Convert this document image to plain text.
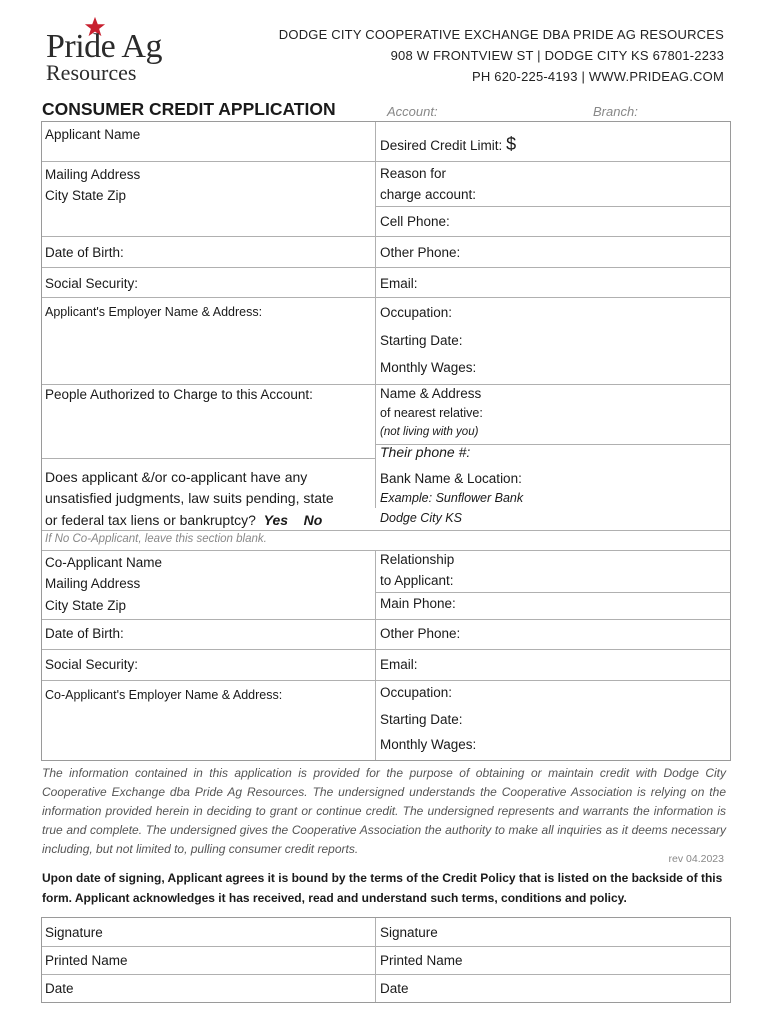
Pride Ag
Resources
DODGE CITY COOPERATIVE EXCHANGE DBA PRIDE AG RESOURCES
908 W FRONTVIEW ST | DODGE CITY KS 67801-2233
PH 620-225-4193 | WWW.PRIDEAG.COM
CONSUMER CREDIT APPLICATION	Account:	Branch:
Applicant Name
Mailing Address
City State Zip
Date of Birth:
Social Security:
Applicant's Employer Name & Address:
People Authorized to Charge to this Account:
Does applicant &/or co-applicant have any
unsatisfied judgments, law suits pending, state
or federal tax liens or bankruptcy? Yes No
If No Co-Applicant, leave this section blank.
Co-Applicant Name
Mailing Address
City State Zip
Date of Birth:
Social Security:
Co-Applicant's Employer Name & Address:
Desired Credit Limit: $
Reason for
charge account:
Cell Phone:
Other Phone:
Email:
Occupation:
Starting Date:
Monthly Wages:
Name & Address
of nearest relative:
(not living with you)
Their phone #:
Bank Name & Location:
Example: Sunflower Bank
Dodge City KS
Relationship
to Applicant:
Main Phone:
Other Phone:
Email:
Occupation:
Starting Date:
Monthly Wages:
The information contained in this application is provided for the purpose of obtaining or maintain credit with Dodge City Cooperative Exchange dba Pride Ag Resources. The undersigned understands the Cooperative Association is relying on the information provided herein in deciding to grant or continue credit. The undersigned represents and warrants the information is true and complete. The undersigned gives the Cooperative Association the authority to make all inquiries as it deems necessary including, but not limited to, pulling consumer credit reports.
rev 04.2023
Upon date of signing, Applicant agrees it is bound by the terms of the Credit Policy that is listed on the backside of this form. Applicant acknowledges it has received, read and understand such terms, conditions and policy.
Signature
Printed Name
Date
Signature
Printed Name
Date
